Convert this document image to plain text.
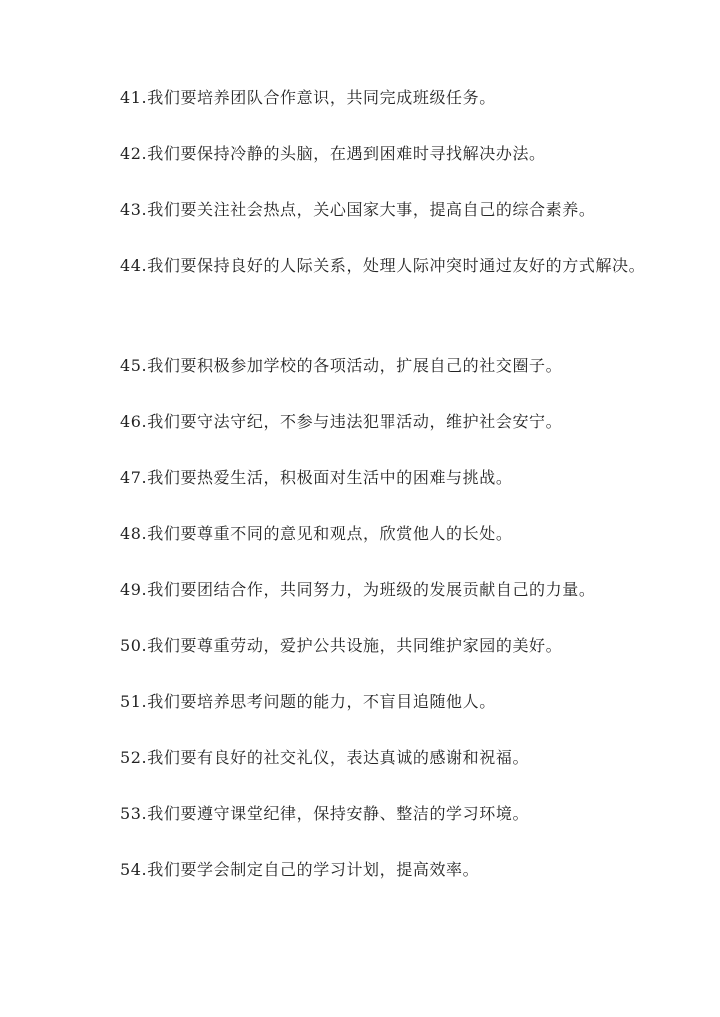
41.我们要培养团队合作意识，共同完成班级任务。

42.我们要保持冷静的头脑，在遇到困难时寻找解决办法。

43.我们要关注社会热点，关心国家大事，提高自己的综合素养。

44.我们要保持良好的人际关系，处理人际冲突时通过友好的方式解决。

45.我们要积极参加学校的各项活动，扩展自己的社交圈子。

46.我们要守法守纪，不参与违法犯罪活动，维护社会安宁。

47.我们要热爱生活，积极面对生活中的困难与挑战。

48.我们要尊重不同的意见和观点，欣赏他人的长处。

49.我们要团结合作，共同努力，为班级的发展贡献自己的力量。

50.我们要尊重劳动，爱护公共设施，共同维护家园的美好。

51.我们要培养思考问题的能力，不盲目追随他人。

52.我们要有良好的社交礼仪，表达真诚的感谢和祝福。

53.我们要遵守课堂纪律，保持安静、整洁的学习环境。

54.我们要学会制定自己的学习计划，提高效率。
